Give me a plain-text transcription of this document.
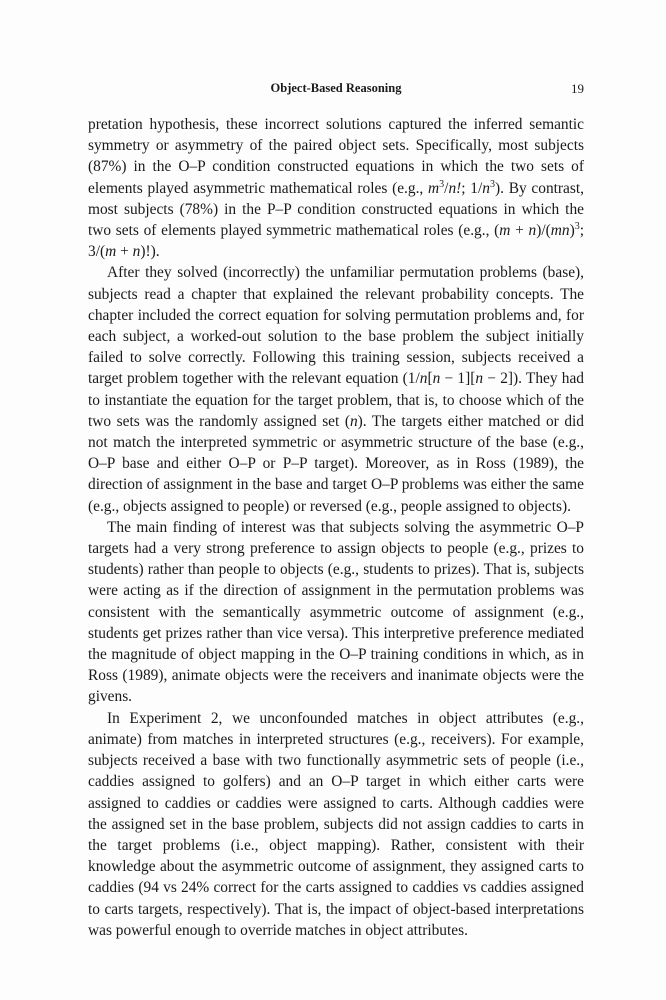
Object-Based Reasoning	19

pretation hypothesis, these incorrect solutions captured the inferred semantic symmetry or asymmetry of the paired object sets. Specifically, most subjects (87%) in the O–P condition constructed equations in which the two sets of elements played asymmetric mathematical roles (e.g., $m^3/n$!; $1/n^3$). By contrast, most subjects (78%) in the P–P condition constructed equations in which the two sets of elements played symmetric mathematical roles (e.g., (m + n)/(mn)$^3$; 3/(m + n)!).

After they solved (incorrectly) the unfamiliar permutation problems (base), subjects read a chapter that explained the relevant probability concepts. The chapter included the correct equation for solving permutation problems and, for each subject, a worked-out solution to the base problem the subject initially failed to solve correctly. Following this training session, subjects received a target problem together with the relevant equation (1/n[n − 1][n − 2]). They had to instantiate the equation for the target problem, that is, to choose which of the two sets was the randomly assigned set (n). The targets either matched or did not match the interpreted symmetric or asymmetric structure of the base (e.g., O–P base and either O–P or P–P target). Moreover, as in Ross (1989), the direction of assignment in the base and target O–P problems was either the same (e.g., objects assigned to people) or reversed (e.g., people assigned to objects).

The main finding of interest was that subjects solving the asymmetric O–P targets had a very strong preference to assign objects to people (e.g., prizes to students) rather than people to objects (e.g., students to prizes). That is, subjects were acting as if the direction of assignment in the permutation problems was consistent with the semantically asymmetric outcome of assignment (e.g., students get prizes rather than vice versa). This interpretive preference mediated the magnitude of object mapping in the O–P training conditions in which, as in Ross (1989), animate objects were the receivers and inanimate objects were the givens.

In Experiment 2, we unconfounded matches in object attributes (e.g., animate) from matches in interpreted structures (e.g., receivers). For example, subjects received a base with two functionally asymmetric sets of people (i.e., caddies assigned to golfers) and an O–P target in which either carts were assigned to caddies or caddies were assigned to carts. Although caddies were the assigned set in the base problem, subjects did not assign caddies to carts in the target problems (i.e., object mapping). Rather, consistent with their knowledge about the asymmetric outcome of assignment, they assigned carts to caddies (94 vs 24% correct for the carts assigned to caddies vs caddies assigned to carts targets, respectively). That is, the impact of object-based interpretations was powerful enough to override matches in object attributes.
